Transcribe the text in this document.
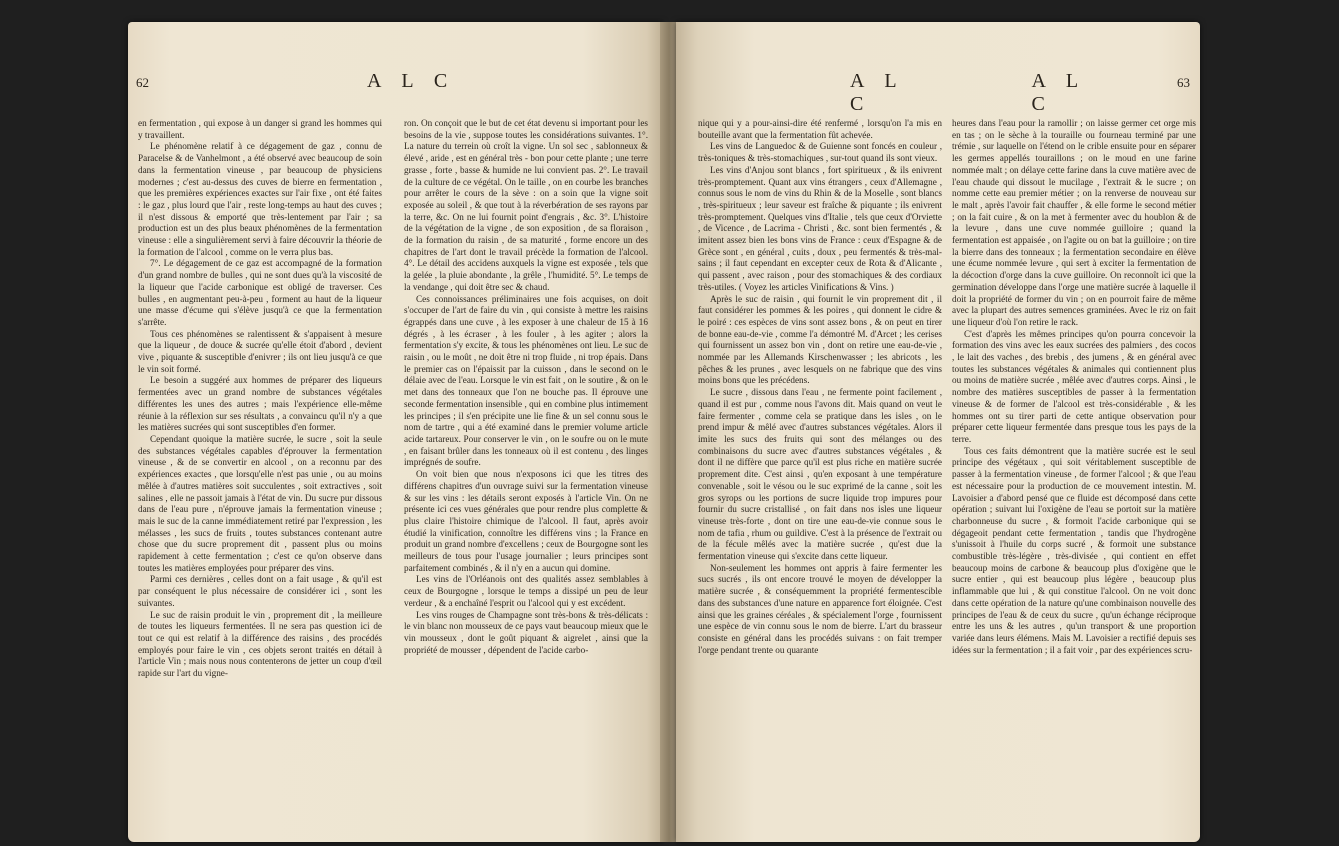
62	A L C

en fermentation , qui expose à un danger si grand les hommes qui y travaillent.

Le phénomène relatif à ce dégagement de gaz , connu de Paracelse & de Vanhelmont , a été observé avec beaucoup de soin dans la fermentation vineuse , par beaucoup de physiciens modernes ; c'est au-dessus des cuves de bierre en fermentation , que les premières expériences exactes sur l'air fixe , ont été faites : le gaz , plus lourd que l'air , reste long-temps au haut des cuves ; il n'est dissous & emporté que très-lentement par l'air ; sa production est un des plus beaux phénomènes de la fermentation vineuse : elle a singulièrement servi à faire découvrir la théorie de la formation de l'alcool , comme on le verra plus bas.

7°. Le dégagement de ce gaz est accompagné de la formation d'un grand nombre de bulles , qui ne sont dues qu'à la viscosité de la liqueur que l'acide carbonique est obligé de traverser. Ces bulles , en augmentant peu-à-peu , forment au haut de la liqueur une masse d'écume qui s'élève jusqu'à ce que la fermentation s'arrête.

Tous ces phénomènes se ralentissent & s'appaisent à mesure que la liqueur , de douce & sucrée qu'elle étoit d'abord , devient vive , piquante & susceptible d'enivrer ; ils ont lieu jusqu'à ce que le vin soit formé.

Le besoin a suggéré aux hommes de préparer des liqueurs fermentées avec un grand nombre de substances végétales différentes les unes des autres ; mais l'expérience elle-même réunie à la réflexion sur ses résultats , a convaincu qu'il n'y a que les matières sucrées qui sont susceptibles d'en former.

Cependant quoique la matière sucrée, le sucre , soit la seule des substances végétales capables d'éprouver la fermentation vineuse , & de se convertir en alcool , on a reconnu par des expériences exactes , que lorsqu'elle n'est pas unie , ou au moins mêlée à d'autres matières soit succulentes , soit extractives , soit salines , elle ne passoit jamais à l'état de vin. Du sucre pur dissous dans de l'eau pure , n'éprouve jamais la fermentation vineuse ; mais le suc de la canne immédiatement retiré par l'expression , les mélasses , les sucs de fruits , toutes substances contenant autre chose que du sucre proprement dit , passent plus ou moins rapidement à cette fermentation ; c'est ce qu'on observe dans toutes les matières employées pour préparer des vins.

Parmi ces dernières , celles dont on a fait usage , & qu'il est par conséquent le plus nécessaire de considérer ici , sont les suivantes.

Le suc de raisin produit le vin , proprement dit , la meilleure de toutes les liqueurs fermentées. Il ne sera pas question ici de tout ce qui est relatif à la différence des raisins , des procédés employés pour faire le vin , ces objets seront traités en détail à l'article Vin ; mais nous nous contenterons de jetter un coup d'œil rapide sur l'art du vigne-

ron. On conçoit que le but de cet état devenu si important pour les besoins de la vie , suppose toutes les considérations suivantes. 1°. La nature du terrein où croît la vigne. Un sol sec , sablonneux & élevé , aride , est en général très - bon pour cette plante ; une terre grasse , forte , basse & humide ne lui convient pas. 2°. Le travail de la culture de ce végétal. On le taille , on en courbe les branches pour arrêter le cours de la sève : on a soin que la vigne soit exposée au soleil , & que tout à la réverbération de ses rayons par la terre, &c. On ne lui fournit point d'engrais , &c. 3°. L'histoire de la végétation de la vigne , de son exposition , de sa floraison , de la formation du raisin , de sa maturité , forme encore un des chapitres de l'art dont le travail précède la formation de l'alcool. 4°. Le détail des accidens auxquels la vigne est exposée , tels que la gelée , la pluie abondante , la grêle , l'humidité. 5°. Le temps de la vendange , qui doit être sec & chaud.

Ces connoissances préliminaires une fois acquises, on doit s'occuper de l'art de faire du vin , qui consiste à mettre les raisins égrappés dans une cuve , à les exposer à une chaleur de 15 à 16 dégrés , à les écraser , à les fouler , à les agiter ; alors la fermentation s'y excite, & tous les phénomènes ont lieu. Le suc de raisin , ou le moût , ne doit être ni trop fluide , ni trop épais. Dans le premier cas on l'épaissit par la cuisson , dans le second on le délaie avec de l'eau. Lorsque le vin est fait , on le soutire , & on le met dans des tonneaux que l'on ne bouche pas. Il éprouve une seconde fermentation insensible , qui en combine plus intimement les principes ; il s'en précipite une lie fine & un sel connu sous le nom de tartre , qui a été examiné dans le premier volume article acide tartareux. Pour conserver le vin , on le soufre ou on le mute , en faisant brûler dans les tonneaux où il est contenu , des linges imprégnés de soufre.

On voit bien que nous n'exposons ici que les titres des différens chapitres d'un ouvrage suivi sur la fermentation vineuse & sur les vins : les détails seront exposés à l'article Vin. On ne présente ici ces vues générales que pour rendre plus complette & plus claire l'histoire chimique de l'alcool. Il faut, après avoir étudié la vinification, connoître les différens vins ; la France en produit un grand nombre d'excellens ; ceux de Bourgogne sont les meilleurs de tous pour l'usage journalier ; leurs principes sont parfaitement combinés , & il n'y en a aucun qui domine.

Les vins de l'Orléanois ont des qualités assez semblables à ceux de Bourgogne , lorsque le temps a dissipé un peu de leur verdeur , & a enchaîné l'esprit ou l'alcool qui y est excédent.

Les vins rouges de Champagne sont très-bons & très-délicats : le vin blanc non mousseux de ce pays vaut beaucoup mieux que le vin mousseux , dont le goût piquant & aigrelet , ainsi que la propriété de mousser , dépendent de l'acide carbo-

A L C
A L C
63

nique qui y a pour-ainsi-dire été renfermé , lorsqu'on l'a mis en bouteille avant que la fermentation fût achevée.

Les vins de Languedoc & de Guienne sont foncés en couleur , très-toniques & très-stomachiques , sur-tout quand ils sont vieux.

Les vins d'Anjou sont blancs , fort spiritueux , & ils enivrent très-promptement. Quant aux vins étrangers , ceux d'Allemagne , connus sous le nom de vins du Rhin & de la Moselle , sont blancs , très-spiritueux ; leur saveur est fraîche & piquante ; ils enivrent très-promptement. Quelques vins d'Italie , tels que ceux d'Orviette , de Vicence , de Lacrima - Christi , &c. sont bien fermentés , & imitent assez bien les bons vins de France : ceux d'Espagne & de Grèce sont , en général , cuits , doux , peu fermentés & très-mal-sains ; il faut cependant en excepter ceux de Rota & d'Alicante , qui passent , avec raison , pour des stomachiques & des cordiaux très-utiles. ( Voyez les articles Vinifications & Vins. )

Après le suc de raisin , qui fournit le vin proprement dit , il faut considérer les pommes & les poires , qui donnent le cidre & le poiré : ces espèces de vins sont assez bons , & on peut en tirer de bonne eau-de-vie , comme l'a démontré M. d'Arcet ; les cerises qui fournissent un assez bon vin , dont on retire une eau-de-vie , nommée par les Allemands Kirschenwasser ; les abricots , les pêches & les prunes , avec lesquels on ne fabrique que des vins moins bons que les précédens.

Le sucre , dissous dans l'eau , ne fermente point facilement , quand il est pur , comme nous l'avons dit. Mais quand on veut le faire fermenter , comme cela se pratique dans les isles , on le prend impur & mêlé avec d'autres substances végétales. Alors il imite les sucs des fruits qui sont des mélanges ou des combinaisons du sucre avec d'autres substances végétales , & dont il ne diffère que parce qu'il est plus riche en matière sucrée proprement dite. C'est ainsi , qu'en exposant à une température convenable , soit le vésou ou le suc exprimé de la canne , soit les gros syrops ou les portions de sucre liquide trop impures pour fournir du sucre cristallisé , on fait dans nos isles une liqueur vineuse très-forte , dont on tire une eau-de-vie connue sous le nom de tafia , rhum ou guildive. C'est à la présence de l'extrait ou de la fécule mêlés avec la matière sucrée , qu'est due la fermentation vineuse qui s'excite dans cette liqueur.

Non-seulement les hommes ont appris à faire fermenter les sucs sucrés , ils ont encore trouvé le moyen de développer la matière sucrée , & conséquemment la propriété fermentescible dans des substances d'une nature en apparence fort éloignée. C'est ainsi que les graines céréales , & spécialement l'orge , fournissent une espèce de vin connu sous le nom de bierre. L'art du brasseur consiste en général dans les procédés suivans : on fait tremper l'orge pendant trente ou quarante

heures dans l'eau pour la ramollir ; on laisse germer cet orge mis en tas ; on le sèche à la touraille ou fourneau terminé par une trémie , sur laquelle on l'étend on le crible ensuite pour en séparer les germes appellés touraillons ; on le moud en une farine nommée malt ; on délaye cette farine dans la cuve matière avec de l'eau chaude qui dissout le mucilage , l'extrait & le sucre ; on nomme cette eau premier métier ; on la renverse de nouveau sur le malt , après l'avoir fait chauffer , & elle forme le second métier ; on la fait cuire , & on la met à fermenter avec du houblon & de la levure , dans une cuve nommée guilloire ; quand la fermentation est appaisée , on l'agite ou on bat la guilloire ; on tire la bierre dans des tonneaux ; la fermentation secondaire en élève une écume nommée levure , qui sert à exciter la fermentation de la décoction d'orge dans la cuve guilloire. On reconnoît ici que la germination développe dans l'orge une matière sucrée à laquelle il doit la propriété de former du vin ; on en pourroit faire de même avec la plupart des autres semences graminées. Avec le riz on fait une liqueur d'où l'on retire le rack.

C'est d'après les mêmes principes qu'on pourra concevoir la formation des vins avec les eaux sucrées des palmiers , des cocos , le lait des vaches , des brebis , des jumens , & en général avec toutes les substances végétales & animales qui contiennent plus ou moins de matière sucrée , mêlée avec d'autres corps. Ainsi , le nombre des matières susceptibles de passer à la fermentation vineuse & de former de l'alcool est très-considérable , & les hommes ont su tirer parti de cette antique observation pour préparer cette liqueur fermentée dans presque tous les pays de la terre.

Tous ces faits démontrent que la matière sucrée est le seul principe des végétaux , qui soit véritablement susceptible de passer à la fermentation vineuse , de former l'alcool ; & que l'eau est nécessaire pour la production de ce mouvement intestin. M. Lavoisier a d'abord pensé que ce fluide est décomposé dans cette opération ; suivant lui l'oxigène de l'eau se portoit sur la matière charbonneuse du sucre , & formoit l'acide carbonique qui se dégageoit pendant cette fermentation , tandis que l'hydrogène s'unissoit à l'huile du corps sucré , & formoit une substance combustible très-légère , très-divisée , qui contient en effet beaucoup moins de carbone & beaucoup plus d'oxigène que le sucre entier , qui est beaucoup plus légère , beaucoup plus inflammable que lui , & qui constitue l'alcool. On ne voit donc dans cette opération de la nature qu'une combinaison nouvelle des principes de l'eau & de ceux du sucre , qu'un échange réciproque entre les uns & les autres , qu'un transport & une proportion variée dans leurs élémens. Mais M. Lavoisier a rectifié depuis ses idées sur la fermentation ; il a fait voir , par des expériences scru-
